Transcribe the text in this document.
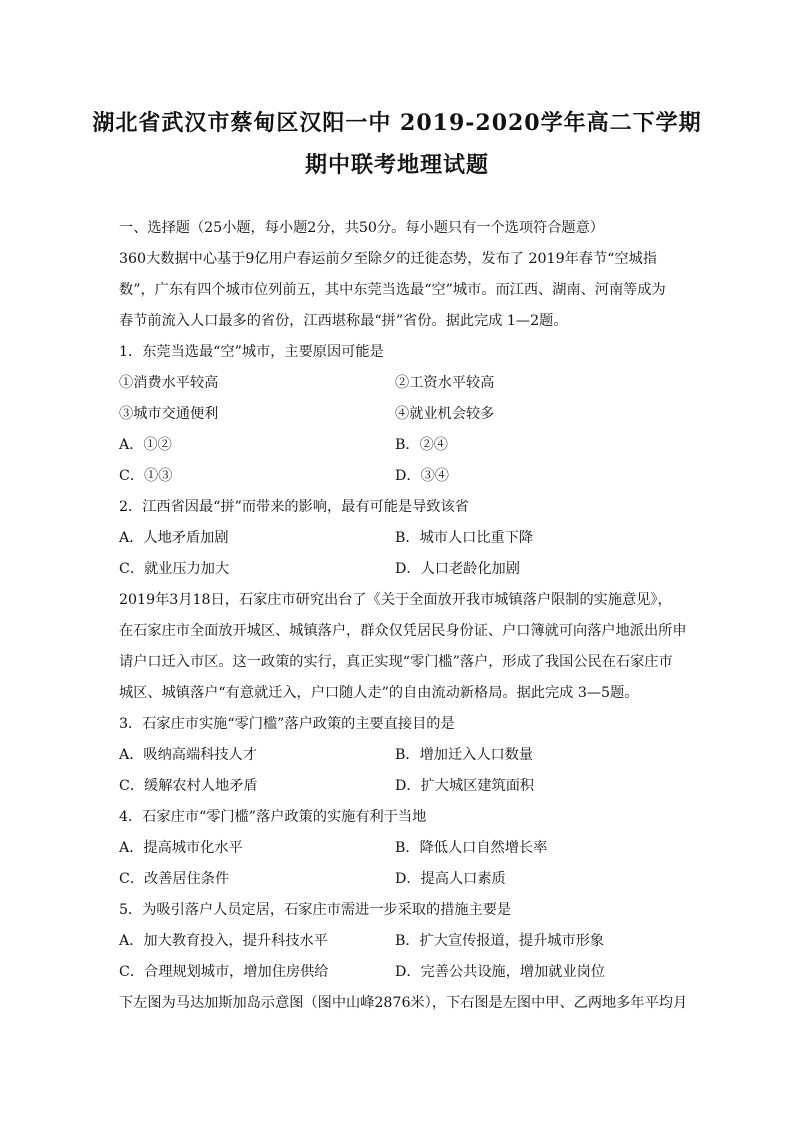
湖北省武汉市蔡甸区汉阳一中 2019-2020学年高二下学期
期中联考地理试题
一、选择题（25小题，每小题2分，共50分。每小题只有一个选项符合题意）
360大数据中心基于9亿用户春运前夕至除夕的迁徙态势，发布了 2019年春节“空城指
数”，广东有四个城市位列前五，其中东莞当选最“空”城市。而江西、湖南、河南等成为
春节前流入人口最多的省份，江西堪称最“拼”省份。据此完成 1—2题。
1．东莞当选最“空”城市，主要原因可能是
①消费水平较高	②工资水平较高
③城市交通便利	④就业机会较多
A．①②	B．②④
C．①③	D．③④
2．江西省因最“拼”而带来的影响，最有可能是导致该省
A．人地矛盾加剧	B．城市人口比重下降
C．就业压力加大	D．人口老龄化加剧
2019年3月18日，石家庄市研究出台了《关于全面放开我市城镇落户限制的实施意见》，
在石家庄市全面放开城区、城镇落户，群众仅凭居民身份证、户口簿就可向落户地派出所申
请户口迁入市区。这一政策的实行，真正实现“零门槛”落户，形成了我国公民在石家庄市
城区、城镇落户“有意就迁入，户口随人走”的自由流动新格局。据此完成 3—5题。
3．石家庄市实施“零门槛”落户政策的主要直接目的是
A．吸纳高端科技人才	B．增加迁入人口数量
C．缓解农村人地矛盾	D．扩大城区建筑面积
4．石家庄市“零门槛”落户政策的实施有利于当地
A．提高城市化水平	B．降低人口自然增长率
C．改善居住条件	D．提高人口素质
5．为吸引落户人员定居，石家庄市需进一步采取的措施主要是
A．加大教育投入，提升科技水平	B．扩大宣传报道，提升城市形象
C．合理规划城市，增加住房供给	D．完善公共设施，增加就业岗位
下左图为马达加斯加岛示意图（图中山峰2876米），下右图是左图中甲、乙两地多年平均月
